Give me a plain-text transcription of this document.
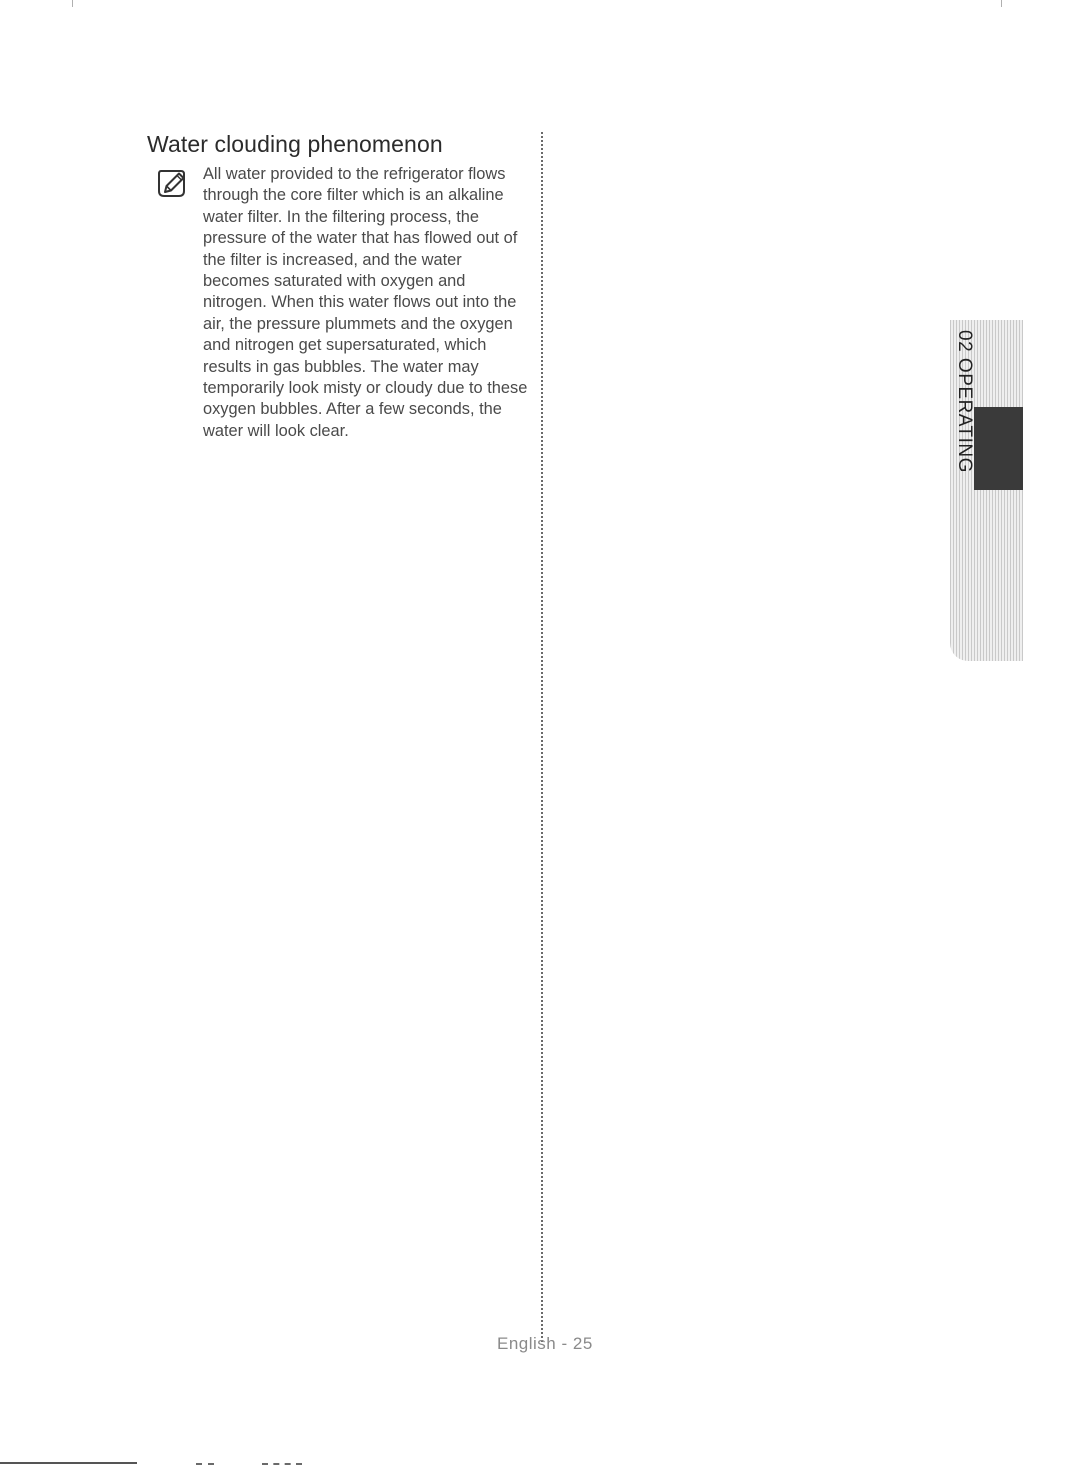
Water clouding phenomenon

All water provided to the refrigerator flows through the core filter which is an alkaline water filter. In the filtering process, the pressure of the water that has flowed out of the filter is increased, and the water becomes saturated with oxygen and nitrogen. When this water flows out into the air, the pressure plummets and the oxygen and nitrogen get supersaturated, which results in gas bubbles. The water may temporarily look misty or cloudy due to these oxygen bubbles. After a few seconds, the water will look clear.	02 OPERATING
English - 25
